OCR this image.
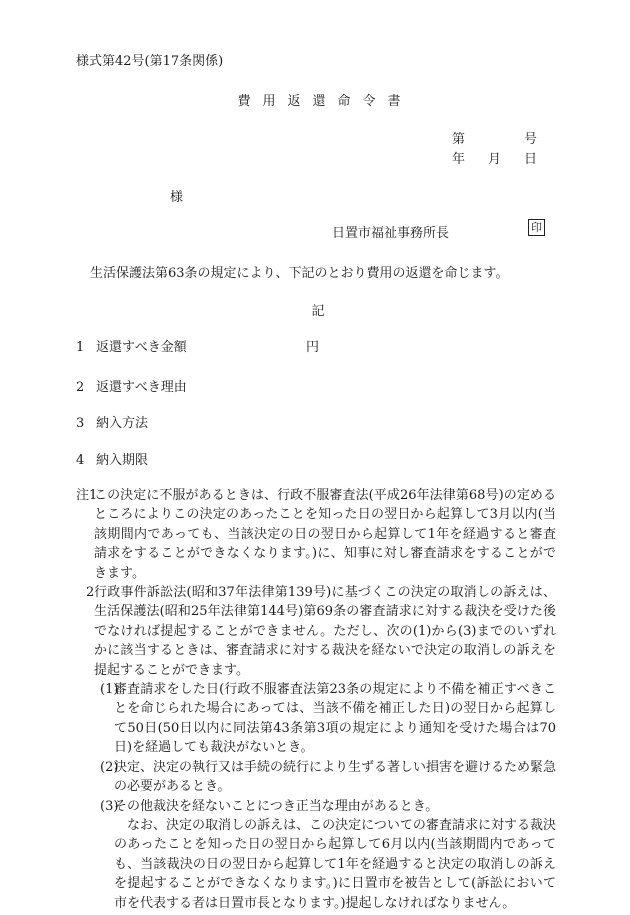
様式第42号(第17条関係)
費用返還命令書
第	号
年 月 日
様
日置市福祉事務所長	印
生活保護法第63条の規定により、下記のとおり費用の返還を命じます。
記
1 返還すべき金額	円
2 返還すべき理由
3 納入方法
4 納入期限

注1
この決定に不服があるときは、行政不服審査法(平成26年法律第68号)の定めるところによりこの決定のあったことを知った日の翌日から起算して3月以内(当該期間内であっても、当該決定の日の翌日から起算して1年を経過すると審査請求をすることができなくなります。)に、知事に対し審査請求をすることができます。

2 行政事件訴訟法(昭和37年法律第139号)に基づくこの決定の取消しの訴えは、生活保護法(昭和25年法律第144号)第69条の審査請求に対する裁決を受けた後でなければ提起することができません。ただし、次の(1)から(3)までのいずれかに該当するときは、審査請求に対する裁決を経ないで決定の取消しの訴えを提起することができます。

(1)
審査請求をした日(行政不服審査法第23条の規定により不備を補正すべきことを命じられた場合にあっては、当該不備を補正した日)の翌日から起算して50日(50日以内に同法第43条第3項の規定により通知を受けた場合は70日)を経過しても裁決がないとき。

(2)
決定、決定の執行又は手続の続行により生ずる著しい損害を避けるため緊急の必要があるとき。

(3)
その他裁決を経ないことにつき正当な理由があるとき。

なお、決定の取消しの訴えは、この決定についての審査請求に対する裁決のあったことを知った日の翌日から起算して6月以内(当該期間内であっても、当該裁決の日の翌日から起算して1年を経過すると決定の取消しの訴えを提起することができなくなります。)に日置市を被告として(訴訟において市を代表する者は日置市長となります。)提起しなければなりません。
